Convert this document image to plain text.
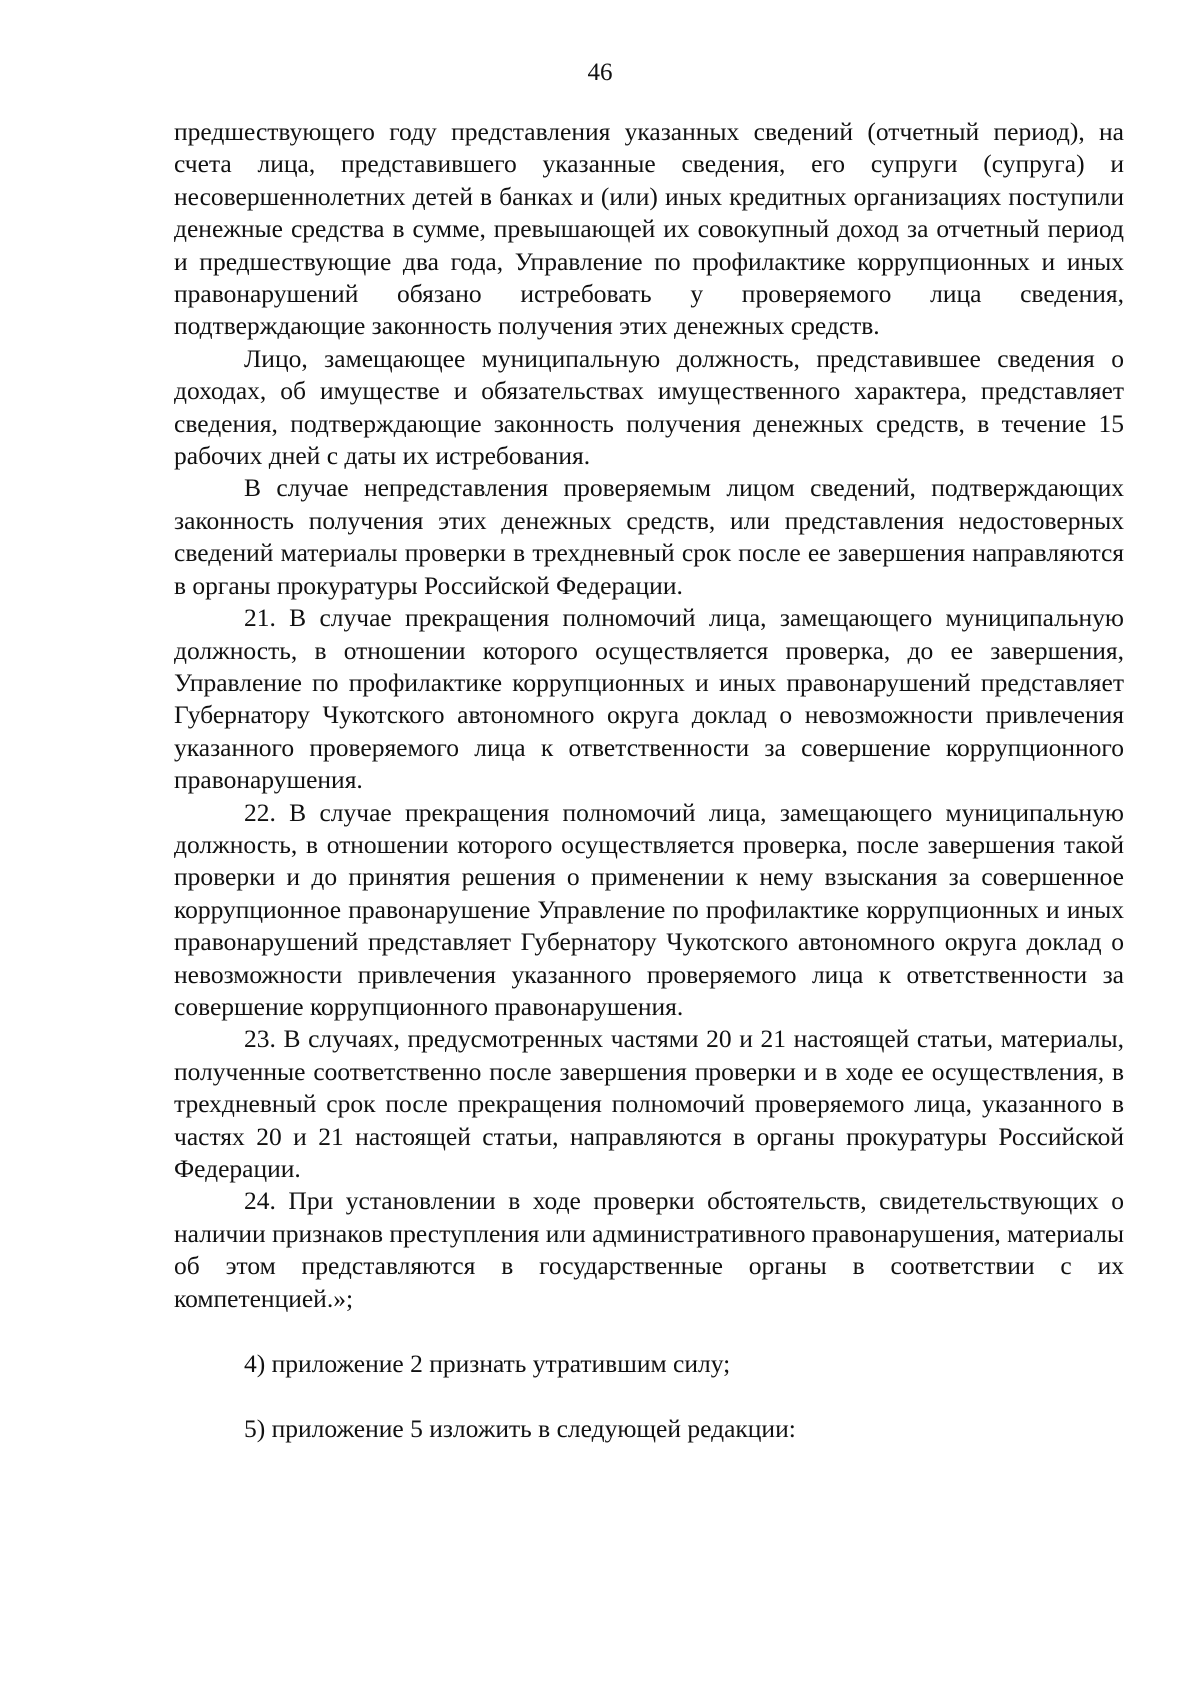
46

предшествующего году представления указанных сведений (отчетный период), на счета лица, представившего указанные сведения, его супруги (супруга) и несовершеннолетних детей в банках и (или) иных кредитных организациях поступили денежные средства в сумме, превышающей их совокупный доход за отчетный период и предшествующие два года, Управление по профилактике коррупционных и иных правонарушений обязано истребовать у проверяемого лица сведения, подтверждающие законность получения этих денежных средств.

Лицо, замещающее муниципальную должность, представившее сведения о доходах, об имуществе и обязательствах имущественного характера, представляет сведения, подтверждающие законность получения денежных средств, в течение 15 рабочих дней с даты их истребования.

В случае непредставления проверяемым лицом сведений, подтверждающих законность получения этих денежных средств, или представления недостоверных сведений материалы проверки в трехдневный срок после ее завершения направляются в органы прокуратуры Российской Федерации.

21. В случае прекращения полномочий лица, замещающего муниципальную должность, в отношении которого осуществляется проверка, до ее завершения, Управление по профилактике коррупционных и иных правонарушений представляет Губернатору Чукотского автономного округа доклад о невозможности привлечения указанного проверяемого лица к ответственности за совершение коррупционного правонарушения.

22. В случае прекращения полномочий лица, замещающего муниципальную должность, в отношении которого осуществляется проверка, после завершения такой проверки и до принятия решения о применении к нему взыскания за совершенное коррупционное правонарушение Управление по профилактике коррупционных и иных правонарушений представляет Губернатору Чукотского автономного округа доклад о невозможности привлечения указанного проверяемого лица к ответственности за совершение коррупционного правонарушения.

23. В случаях, предусмотренных частями 20 и 21 настоящей статьи, материалы, полученные соответственно после завершения проверки и в ходе ее осуществления, в трехдневный срок после прекращения полномочий проверяемого лица, указанного в частях 20 и 21 настоящей статьи, направляются в органы прокуратуры Российской Федерации.

24. При установлении в ходе проверки обстоятельств, свидетельствующих о наличии признаков преступления или административного правонарушения, материалы об этом представляются в государственные органы в соответствии с их компетенцией.»;

4) приложение 2 признать утратившим силу;

5) приложение 5 изложить в следующей редакции:
